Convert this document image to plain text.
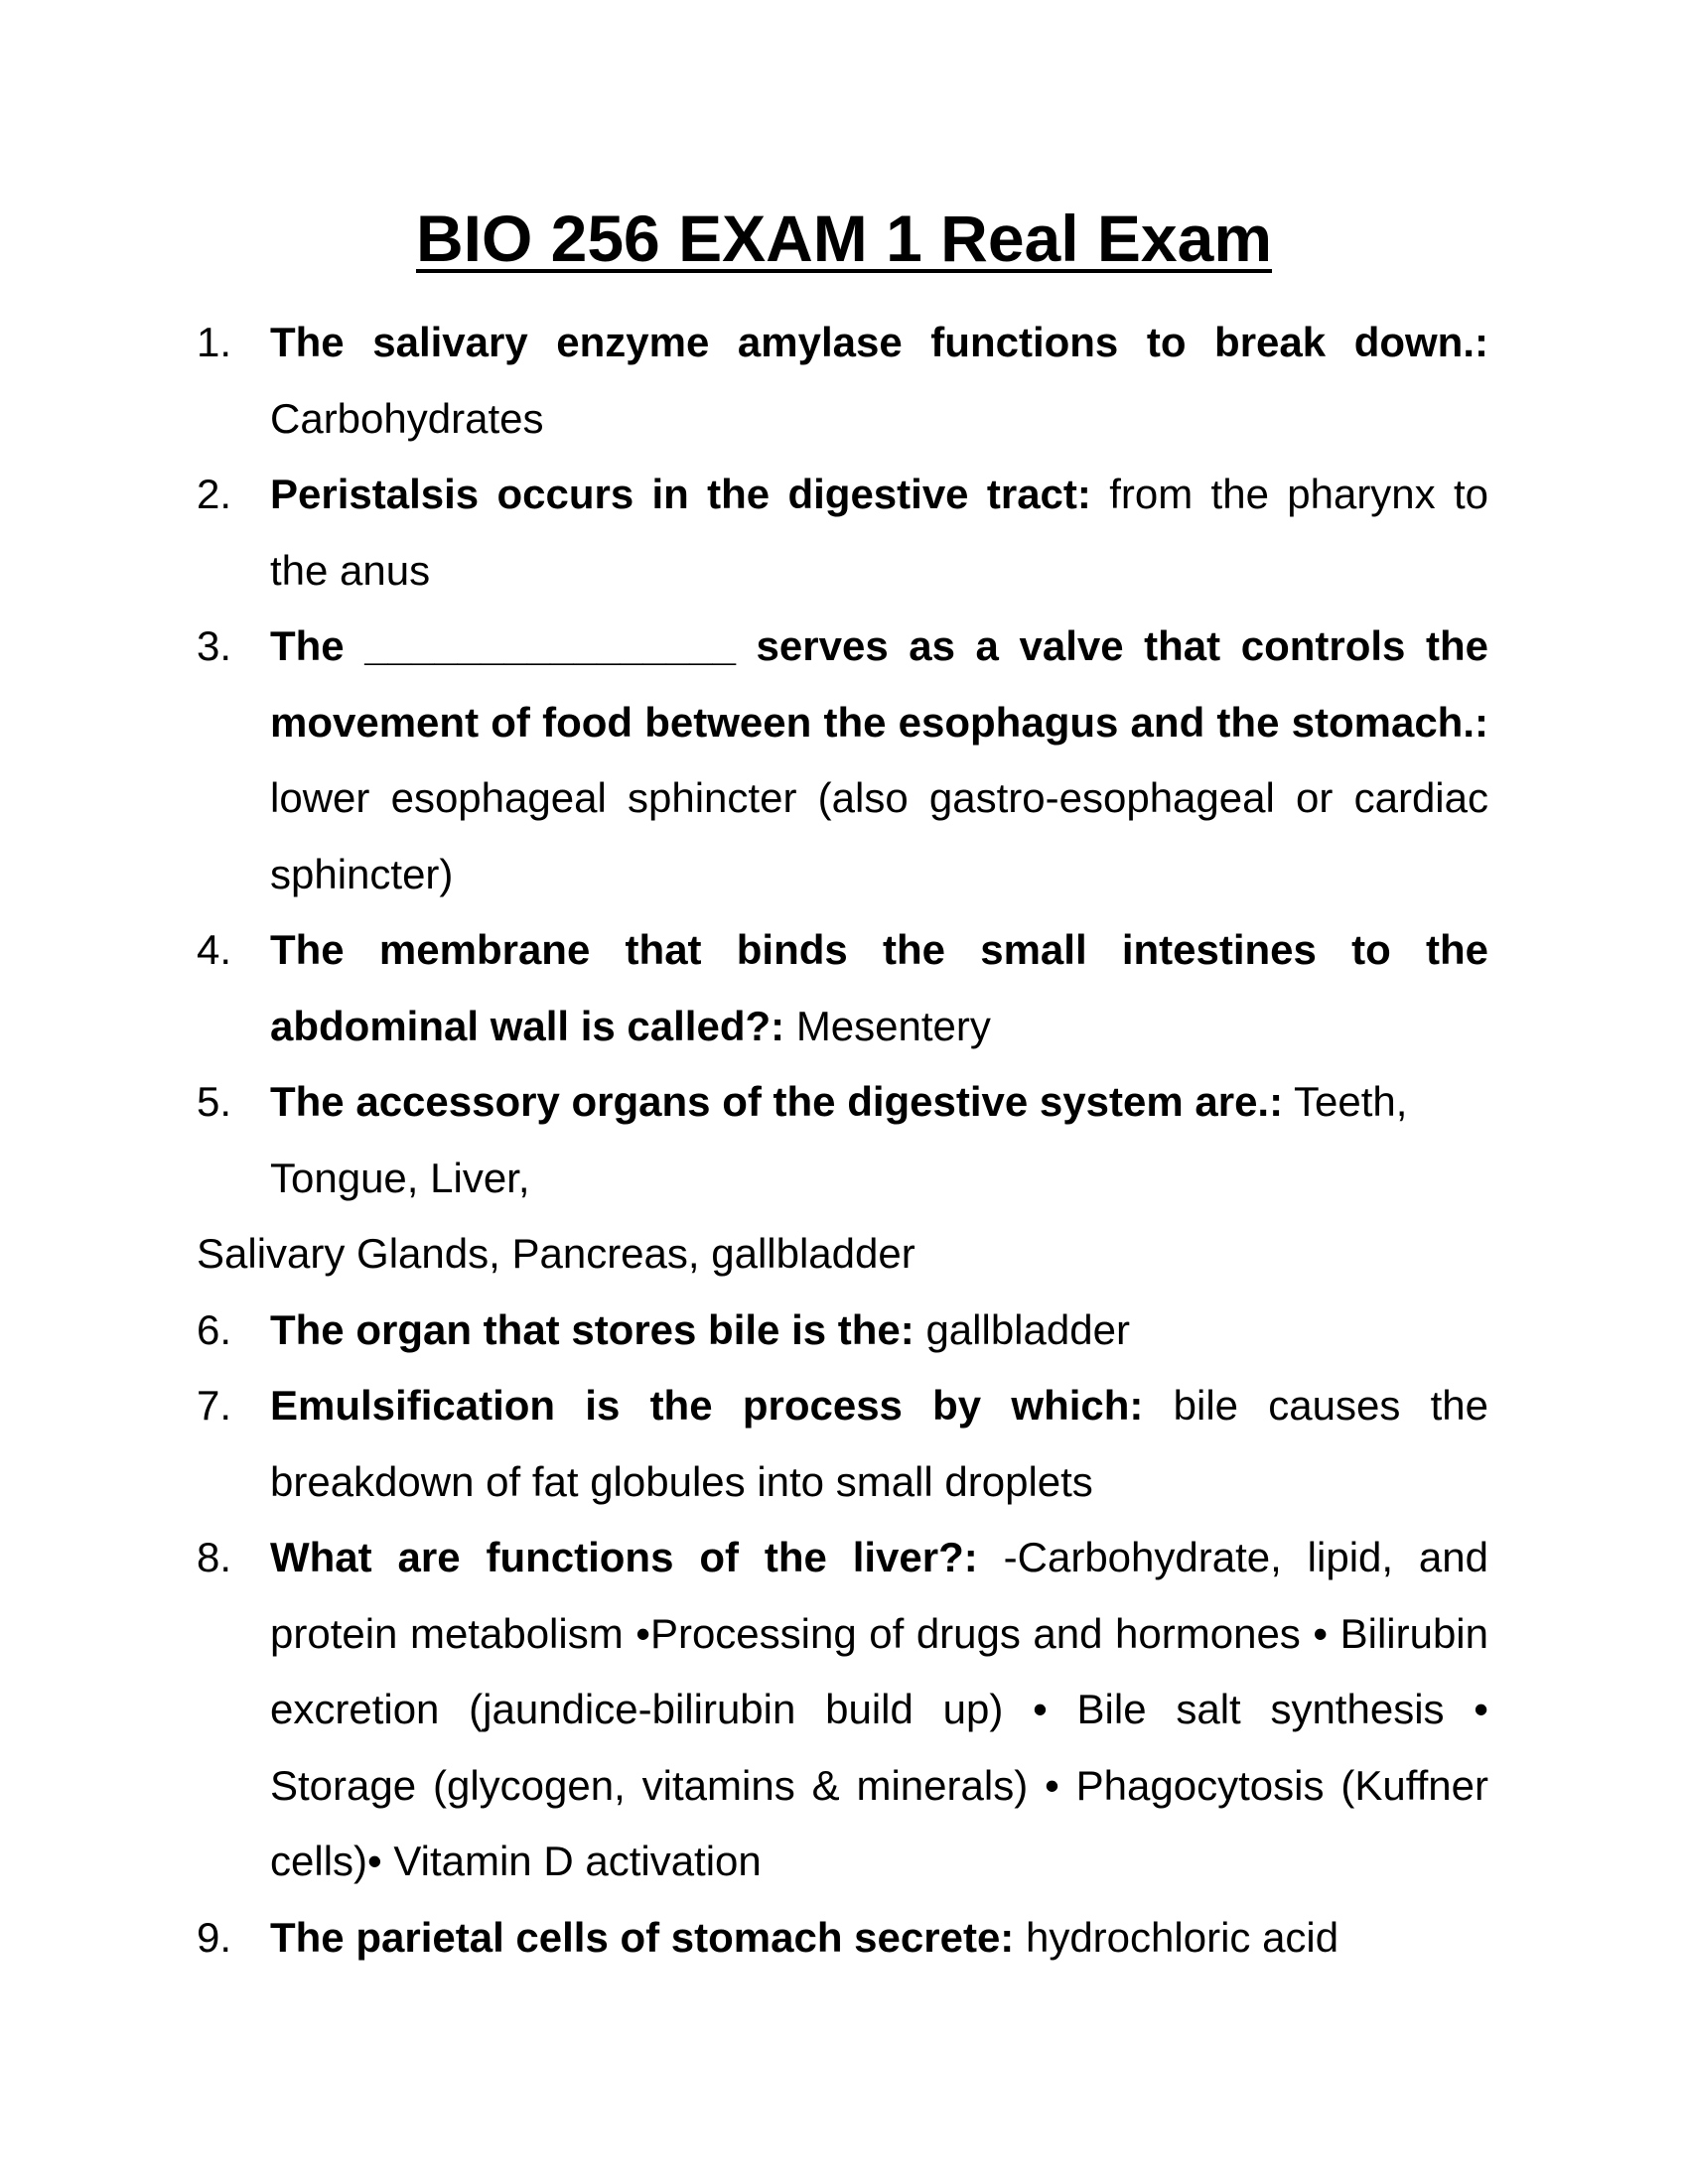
BIO 256 EXAM 1 Real Exam

1. The salivary enzyme amylase functions to break down.: Carbohydrates

2. Peristalsis occurs in the digestive tract: from the pharynx to the anus

3. The ________________ serves as a valve that controls the movement of food between the esophagus and the stomach.: lower esophageal sphincter (also gastro-esophageal or cardiac sphincter)

4. The membrane that binds the small intestines to the abdominal wall is called?: Mesentery

5. The accessory organs of the digestive system are.: Teeth, Tongue, Liver,

Salivary Glands, Pancreas, gallbladder

6. The organ that stores bile is the: gallbladder

7. Emulsification is the process by which: bile causes the breakdown of fat globules into small droplets

8. What are functions of the liver?: -Carbohydrate, lipid, and protein metabolism •Processing of drugs and hormones • Bilirubin excretion (jaundice-bilirubin build up) • Bile salt synthesis • Storage (glycogen, vitamins & minerals) • Phagocytosis (Kuffner cells)• Vitamin D activation

9. The parietal cells of stomach secrete: hydrochloric acid
